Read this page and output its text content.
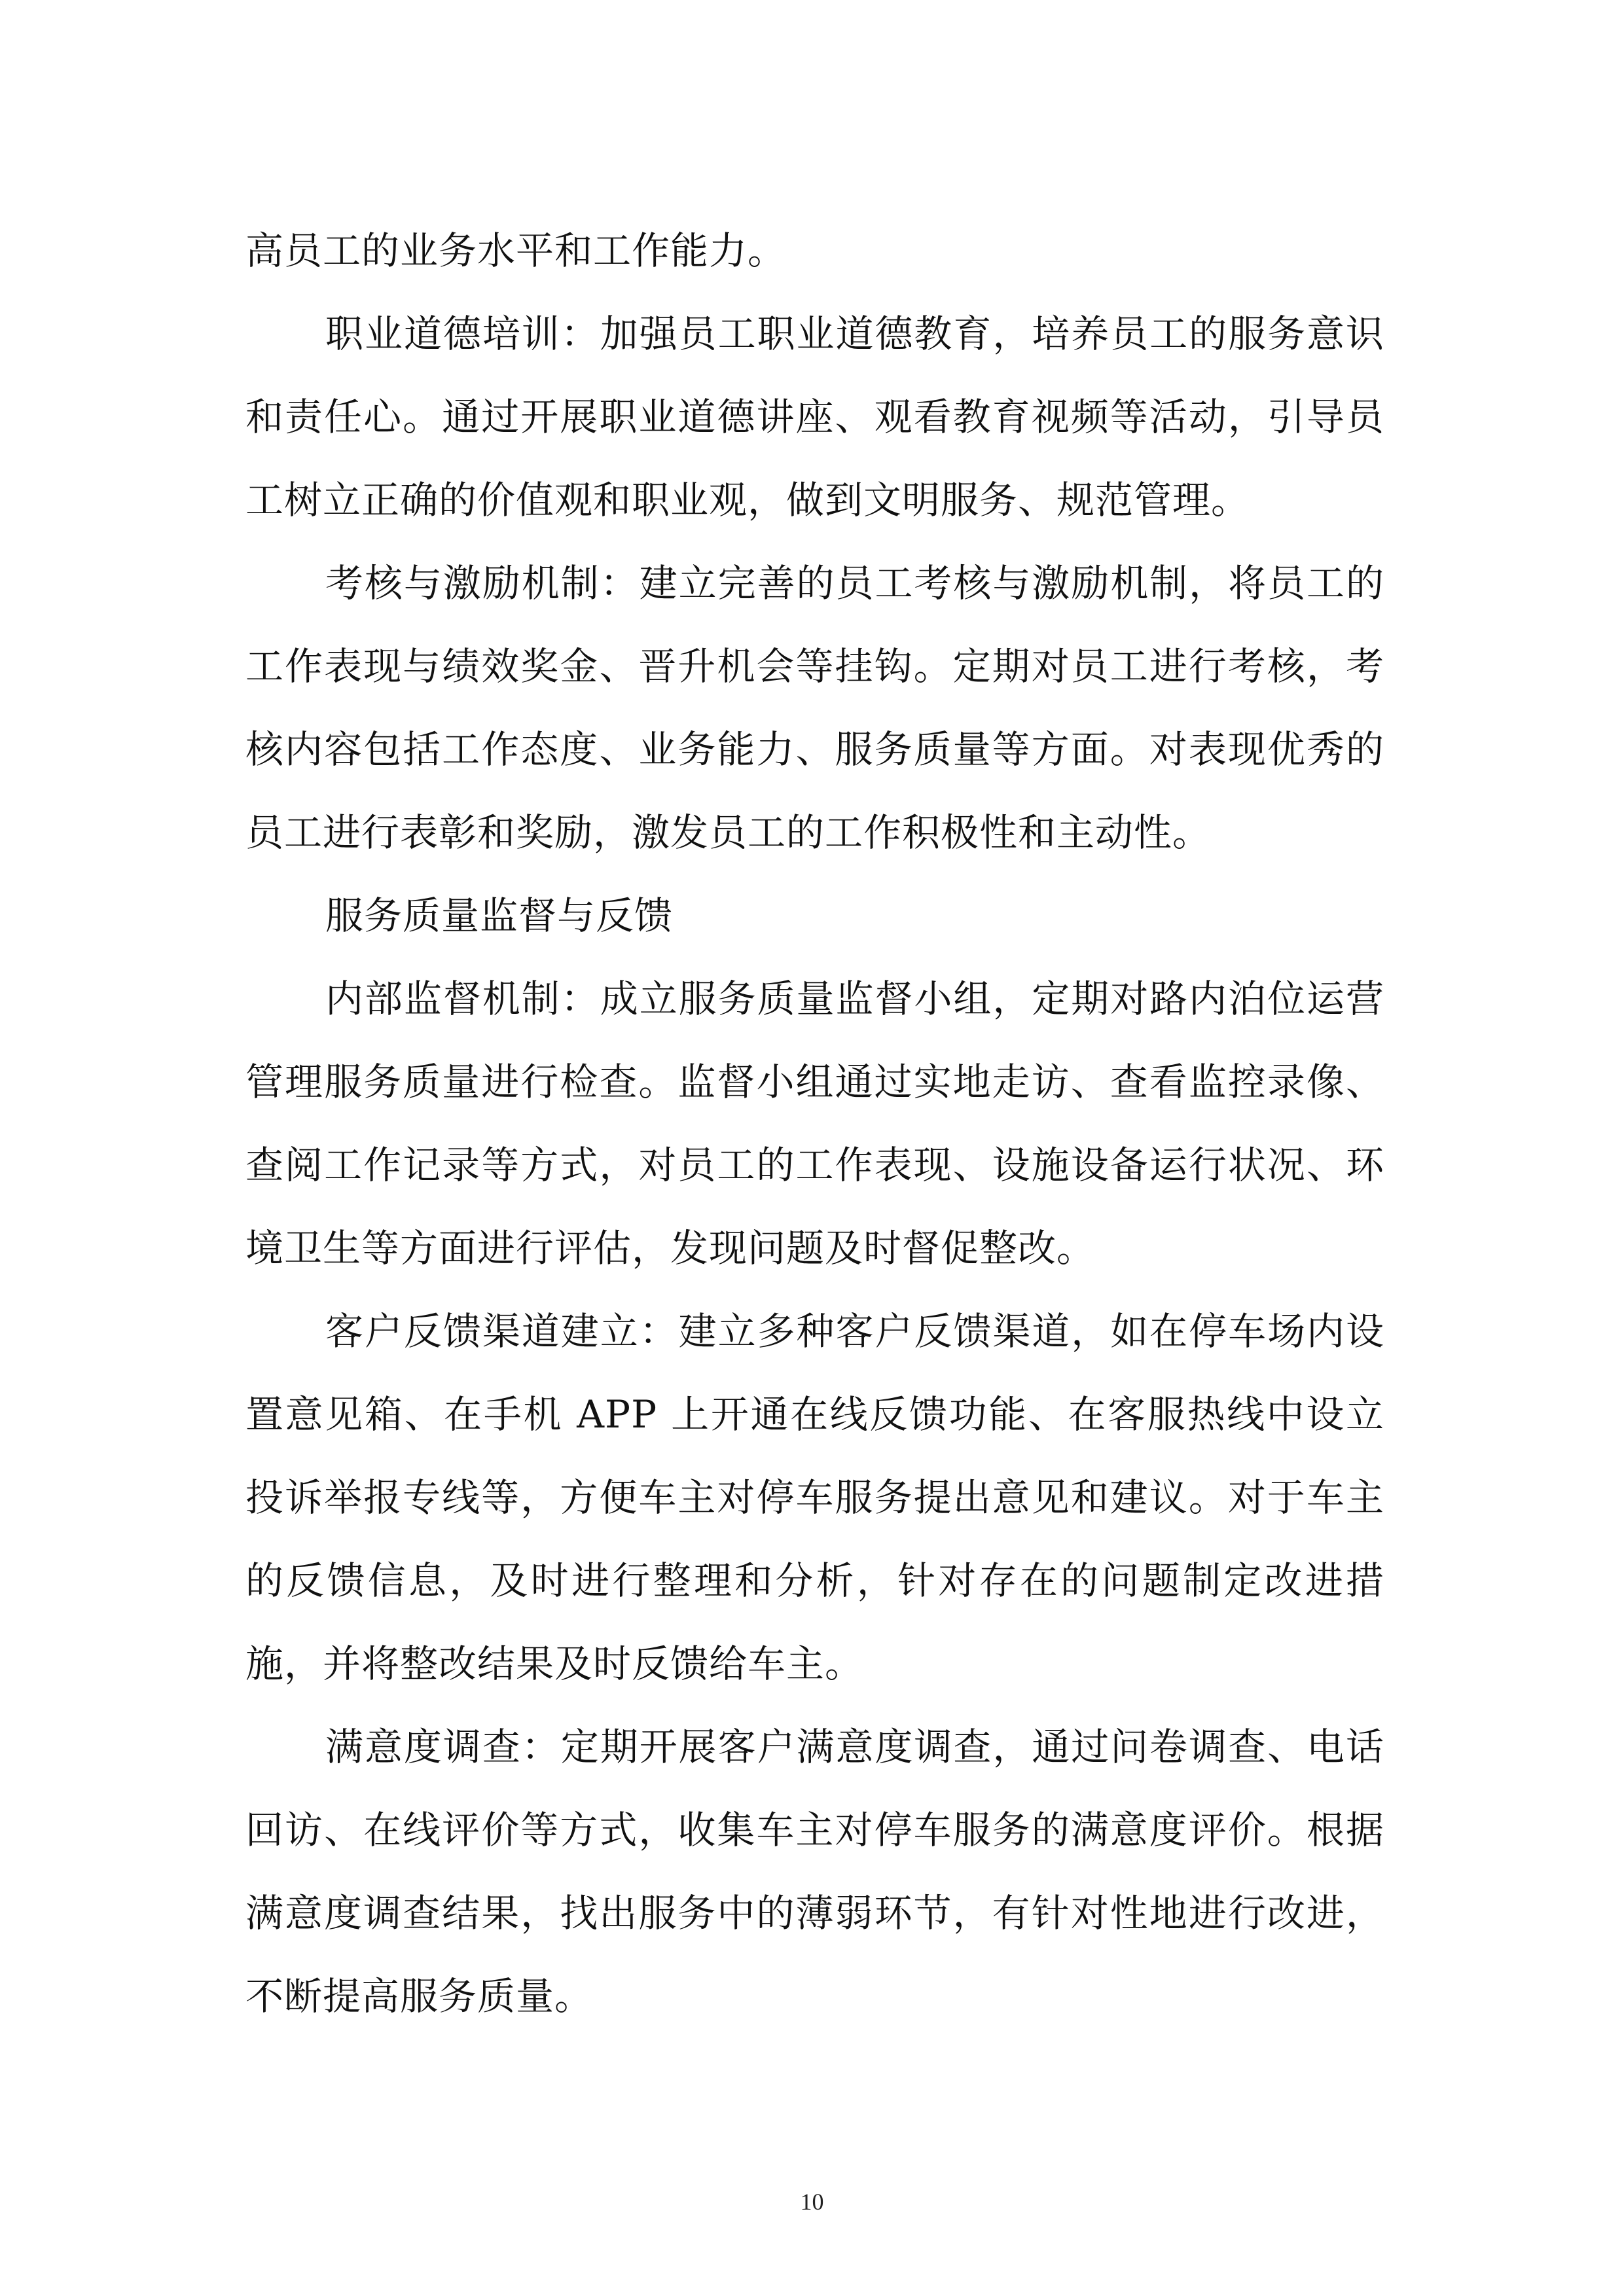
高员工的业务水平和工作能力。

职业道德培训：加强员工职业道德教育，培养员工的服务意识和责任心。通过开展职业道德讲座、观看教育视频等活动，引导员工树立正确的价值观和职业观，做到文明服务、规范管理。

考核与激励机制：建立完善的员工考核与激励机制，将员工的工作表现与绩效奖金、晋升机会等挂钩。定期对员工进行考核，考核内容包括工作态度、业务能力、服务质量等方面。对表现优秀的员工进行表彰和奖励，激发员工的工作积极性和主动性。

服务质量监督与反馈

内部监督机制：成立服务质量监督小组，定期对路内泊位运营管理服务质量进行检查。监督小组通过实地走访、查看监控录像、查阅工作记录等方式，对员工的工作表现、设施设备运行状况、环境卫生等方面进行评估，发现问题及时督促整改。

客户反馈渠道建立：建立多种客户反馈渠道，如在停车场内设置意见箱、在手机 APP 上开通在线反馈功能、在客服热线中设立投诉举报专线等，方便车主对停车服务提出意见和建议。对于车主的反馈信息，及时进行整理和分析，针对存在的问题制定改进措施，并将整改结果及时反馈给车主。

满意度调查：定期开展客户满意度调查，通过问卷调查、电话回访、在线评价等方式，收集车主对停车服务的满意度评价。根据满意度调查结果，找出服务中的薄弱环节，有针对性地进行改进，不断提高服务质量。

10
